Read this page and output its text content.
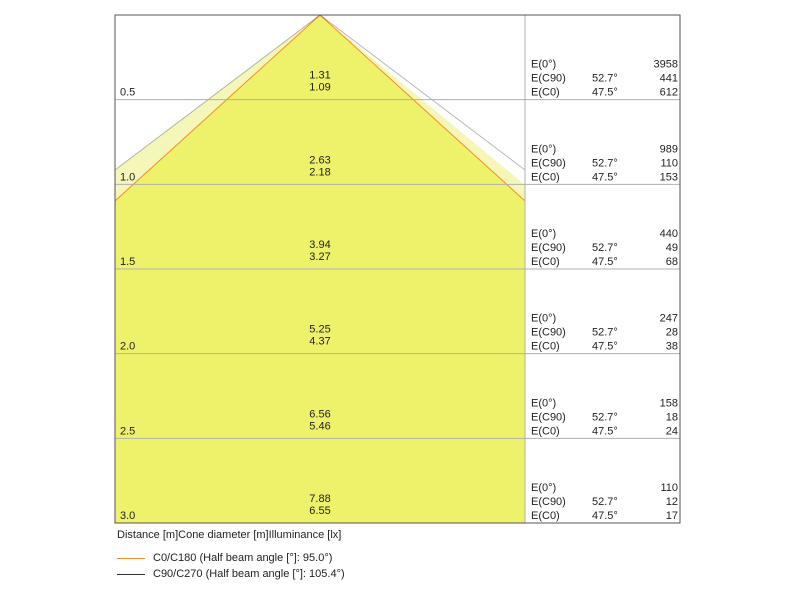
0.5
1.31
1.09
E(0°)	3958
E(C90) 52.7°	441
E(C0)	47.5°	612
1.0
2.63
2.18
E(0°)	989
E(C90) 52.7°	110
E(C0)	47.5°	153
1.5
3.94
3.27
E(0°)	440
E(C90) 52.7°	49
E(C0)	47.5°	68
2.0
5.25
4.37
E(0°)	247
E(C90) 52.7°	28
E(C0)	47.5°	38
2.5
6.56
5.46
E(0°)	158
E(C90) 52.7°	18
E(C0)	47.5°	24
3.0
7.88
6.55
E(0°)	110
E(C90) 52.7°	12
E(C0)	47.5°	17
Distance [m]Cone diameter [m]Illuminance [lx]
C0/C180 (Half beam angle [°]: 95.0°)
C90/C270 (Half beam angle [°]: 105.4°)
